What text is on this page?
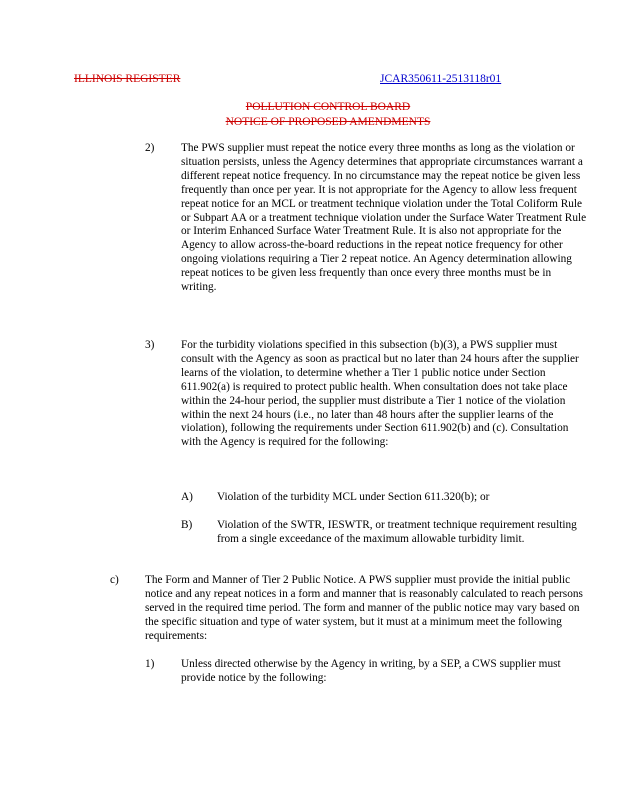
ILLINOIS REGISTER	JCAR350611-2513118r01
POLLUTION CONTROL BOARD
NOTICE OF PROPOSED AMENDMENTS
2) The PWS supplier must repeat the notice every three months as long as the violation or situation persists, unless the Agency determines that appropriate circumstances warrant a different repeat notice frequency. In no circumstance may the repeat notice be given less frequently than once per year. It is not appropriate for the Agency to allow less frequent repeat notice for an MCL or treatment technique violation under the Total Coliform Rule or Subpart AA or a treatment technique violation under the Surface Water Treatment Rule or Interim Enhanced Surface Water Treatment Rule. It is also not appropriate for the Agency to allow across-the-board reductions in the repeat notice frequency for other ongoing violations requiring a Tier 2 repeat notice. An Agency determination allowing repeat notices to be given less frequently than once every three months must be in writing.
3) For the turbidity violations specified in this subsection (b)(3), a PWS supplier must consult with the Agency as soon as practical but no later than 24 hours after the supplier learns of the violation, to determine whether a Tier 1 public notice under Section 611.902(a) is required to protect public health. When consultation does not take place within the 24-hour period, the supplier must distribute a Tier 1 notice of the violation within the next 24 hours (i.e., no later than 48 hours after the supplier learns of the violation), following the requirements under Section 611.902(b) and (c). Consultation with the Agency is required for the following:
A) Violation of the turbidity MCL under Section 611.320(b); or
B) Violation of the SWTR, IESWTR, or treatment technique requirement resulting from a single exceedance of the maximum allowable turbidity limit.
c) The Form and Manner of Tier 2 Public Notice. A PWS supplier must provide the initial public notice and any repeat notices in a form and manner that is reasonably calculated to reach persons served in the required time period. The form and manner of the public notice may vary based on the specific situation and type of water system, but it must at a minimum meet the following requirements:
1) Unless directed otherwise by the Agency in writing, by a SEP, a CWS supplier must provide notice by the following:
